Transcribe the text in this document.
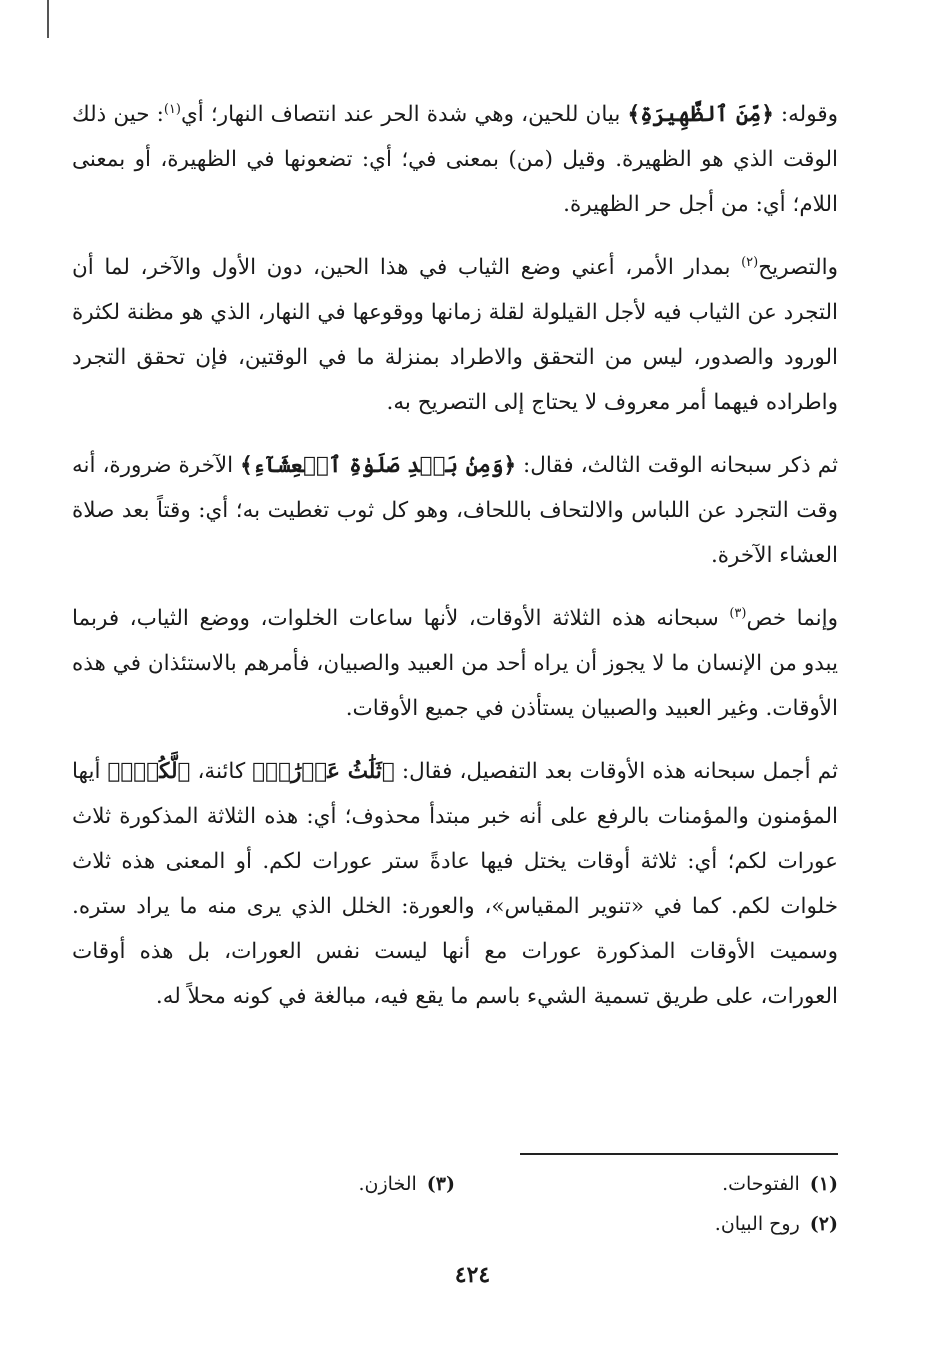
وقوله: ﴿مِّنَ ٱلظَّهِيرَةِ﴾ بيان للحين، وهي شدة الحر عند انتصاف النهار؛ أي$^{(١)}$: حين ذلك الوقت الذي هو الظهيرة. وقيل (من) بمعنى في؛ أي: تضعونها في الظهيرة، أو بمعنى اللام؛ أي: من أجل حر الظهيرة.

والتصريح$^{(٢)}$ بمدار الأمر، أعني وضع الثياب في هذا الحين، دون الأول والآخر، لما أن التجرد عن الثياب فيه لأجل القيلولة لقلة زمانها ووقوعها في النهار، الذي هو مظنة لكثرة الورود والصدور، ليس من التحقق والاطراد بمنزلة ما في الوقتين، فإن تحقق التجرد واطراده فيهما أمر معروف لا يحتاج إلى التصريح به.

ثم ذكر سبحانه الوقت الثالث، فقال: ﴿وَمِنۢ بَعۡدِ صَلَوٰةِ ٱلۡعِشَآءِ﴾ الآخرة ضرورة، أنه وقت التجرد عن اللباس والالتحاف باللحاف، وهو كل ثوب تغطيت به؛ أي: وقتاً بعد صلاة العشاء الآخرة.

وإنما خص$^{(٣)}$ سبحانه هذه الثلاثة الأوقات، لأنها ساعات الخلوات، ووضع الثياب، فربما يبدو من الإنسان ما لا يجوز أن يراه أحد من العبيد والصبيان، فأمرهم بالاستئذان في هذه الأوقات. وغير العبيد والصبيان يستأذن في جميع الأوقات.

ثم أجمل سبحانه هذه الأوقات بعد التفصيل، فقال: ﴿ثَلَٰثُ عَوۡرَٰتٖ﴾ كائنة، ﴿لَّكُمۡۚ﴾ أيها المؤمنون والمؤمنات بالرفع على أنه خبر مبتدأ محذوف؛ أي: هذه الثلاثة المذكورة ثلاث عورات لكم؛ أي: ثلاثة أوقات يختل فيها عادةً ستر عورات لكم. أو المعنى هذه ثلاث خلوات لكم. كما في «تنوير المقياس»، والعورة: الخلل الذي يرى منه ما يراد ستره. وسميت الأوقات المذكورة عورات مع أنها ليست نفس العورات، بل هذه أوقات العورات، على طريق تسمية الشيء باسم ما يقع فيه، مبالغة في كونه محلاً له.

(١)الفتوحات.
(٣)الخازن.
(٢)روح البيان.
٤٢٤
